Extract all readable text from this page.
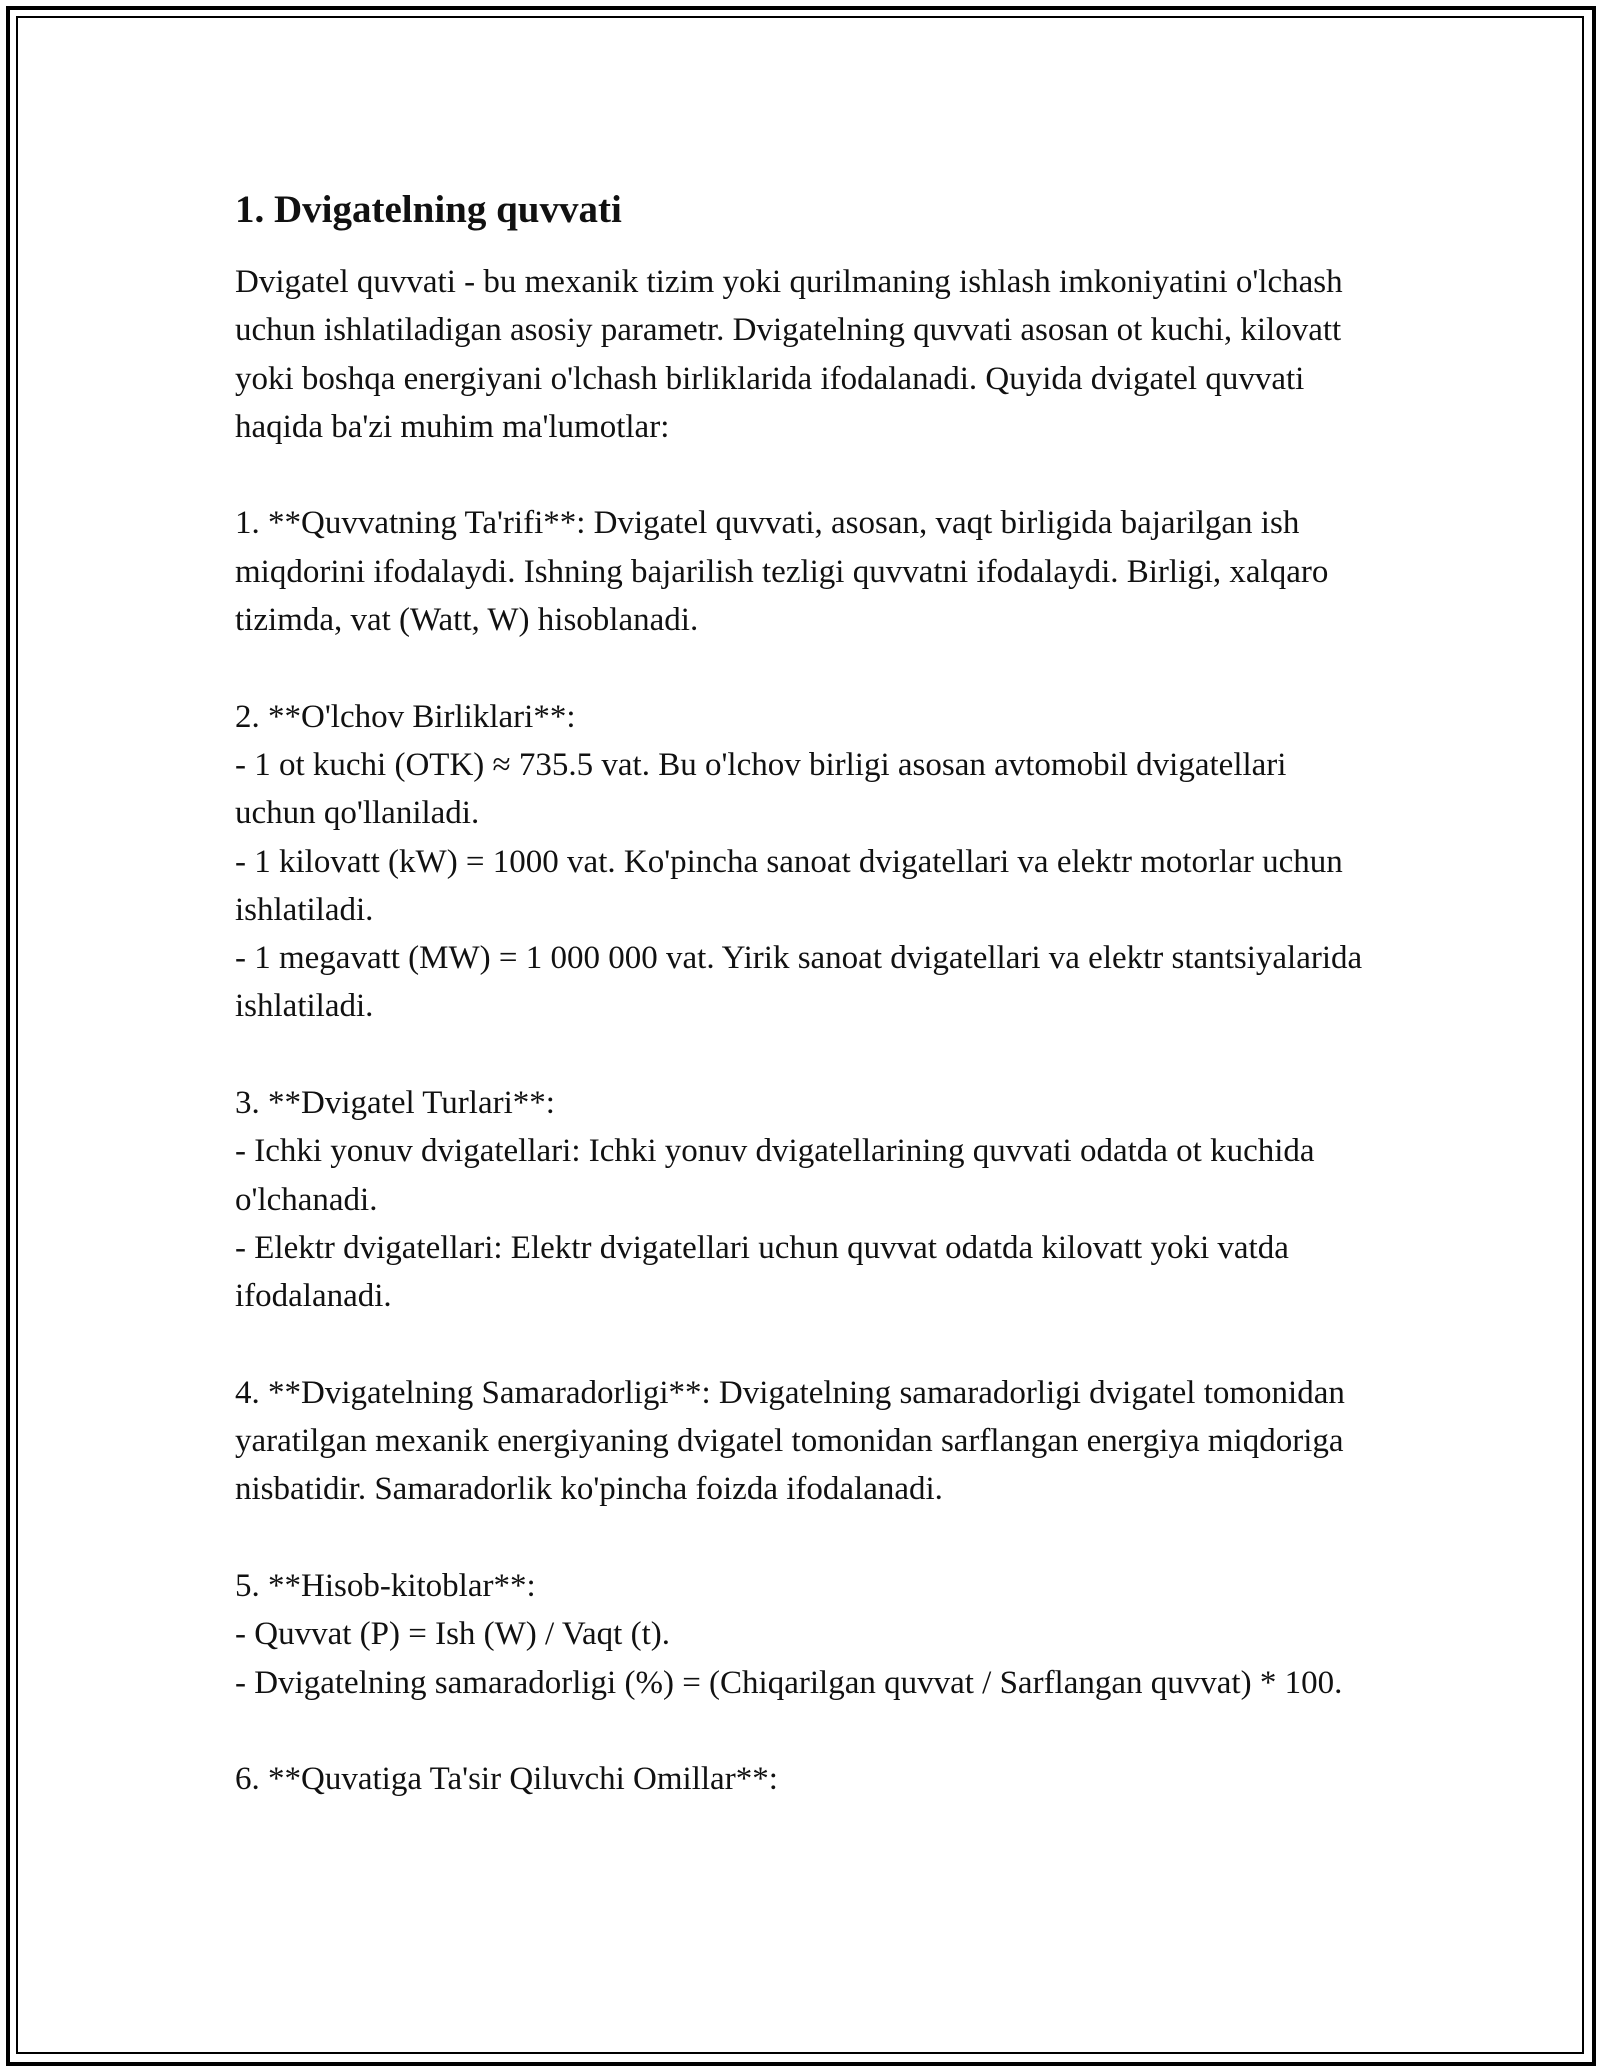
1. Dvigatelning quvvati

Dvigatel quvvati - bu mexanik tizim yoki qurilmaning ishlash imkoniyatini o'lchash uchun ishlatiladigan asosiy parametr. Dvigatelning quvvati asosan ot kuchi, kilovatt yoki boshqa energiyani o'lchash birliklarida ifodalanadi. Quyida dvigatel quvvati haqida ba'zi muhim ma'lumotlar:

1. **Quvvatning Ta'rifi**: Dvigatel quvvati, asosan, vaqt birligida bajarilgan ish miqdorini ifodalaydi. Ishning bajarilish tezligi quvvatni ifodalaydi. Birligi, xalqaro tizimda, vat (Watt, W) hisoblanadi.

2. **O'lchov Birliklari**:
- 1 ot kuchi (OTK) ≈ 735.5 vat. Bu o'lchov birligi asosan avtomobil dvigatellari uchun qo'llaniladi.
- 1 kilovatt (kW) = 1000 vat. Ko'pincha sanoat dvigatellari va elektr motorlar uchun ishlatiladi.
- 1 megavatt (MW) = 1 000 000 vat. Yirik sanoat dvigatellari va elektr stantsiyalarida ishlatiladi.

3. **Dvigatel Turlari**:
- Ichki yonuv dvigatellari: Ichki yonuv dvigatellarining quvvati odatda ot kuchida o'lchanadi.
- Elektr dvigatellari: Elektr dvigatellari uchun quvvat odatda kilovatt yoki vatda ifodalanadi.

4. **Dvigatelning Samaradorligi**: Dvigatelning samaradorligi dvigatel tomonidan yaratilgan mexanik energiyaning dvigatel tomonidan sarflangan energiya miqdoriga nisbatidir. Samaradorlik ko'pincha foizda ifodalanadi.

5. **Hisob-kitoblar**:
- Quvvat (P) = Ish (W) / Vaqt (t).
- Dvigatelning samaradorligi (%) = (Chiqarilgan quvvat / Sarflangan quvvat) * 100.

6. **Quvatiga Ta'sir Qiluvchi Omillar**:
